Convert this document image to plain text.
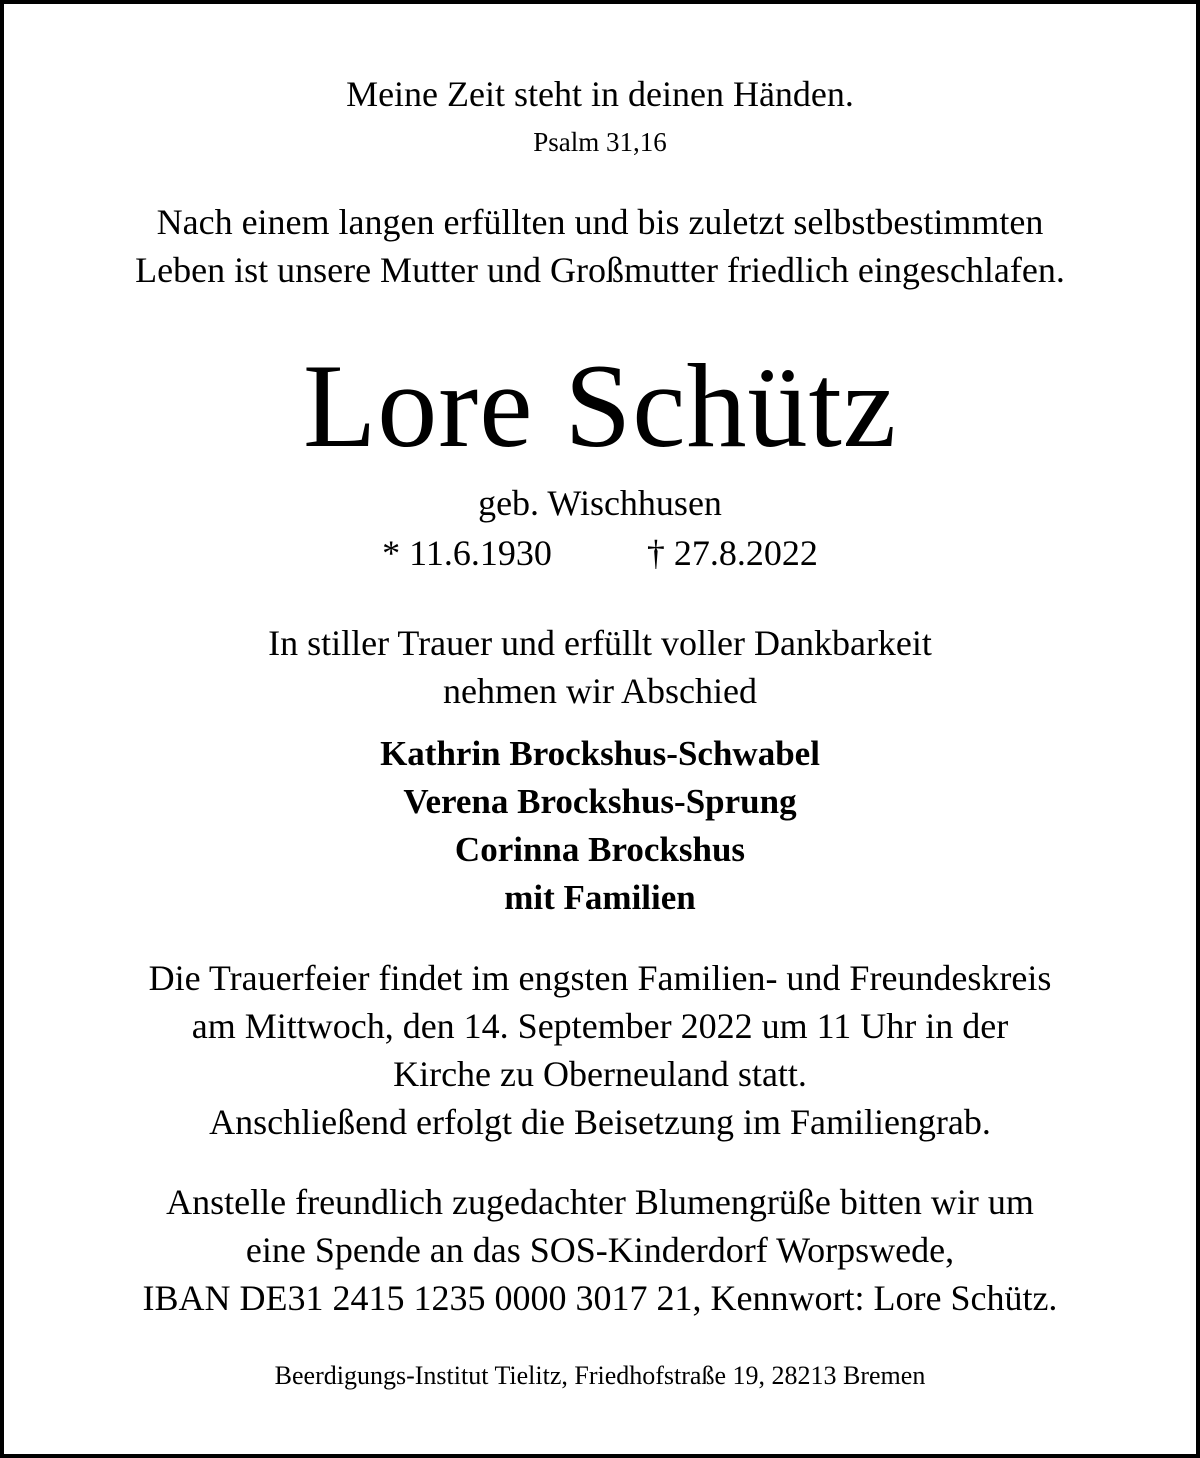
Meine Zeit steht in deinen Händen.
Psalm 31,16
Nach einem langen erfüllten und bis zuletzt selbstbestimmten
Leben ist unsere Mutter und Großmutter friedlich eingeschlafen.
Lore Schütz
geb. Wischhusen
* 11.6.1930	† 27.8.2022
In stiller Trauer und erfüllt voller Dankbarkeit
nehmen wir Abschied
Kathrin Brockshus-Schwabel
Verena Brockshus-Sprung
Corinna Brockshus
mit Familien
Die Trauerfeier findet im engsten Familien- und Freundeskreis
am Mittwoch, den 14. September 2022 um 11 Uhr in der
Kirche zu Oberneuland statt.
Anschließend erfolgt die Beisetzung im Familiengrab.
Anstelle freundlich zugedachter Blumengrüße bitten wir um
eine Spende an das SOS-Kinderdorf Worpswede,
IBAN DE31 2415 1235 0000 3017 21, Kennwort: Lore Schütz.
Beerdigungs-Institut Tielitz, Friedhofstraße 19, 28213 Bremen
